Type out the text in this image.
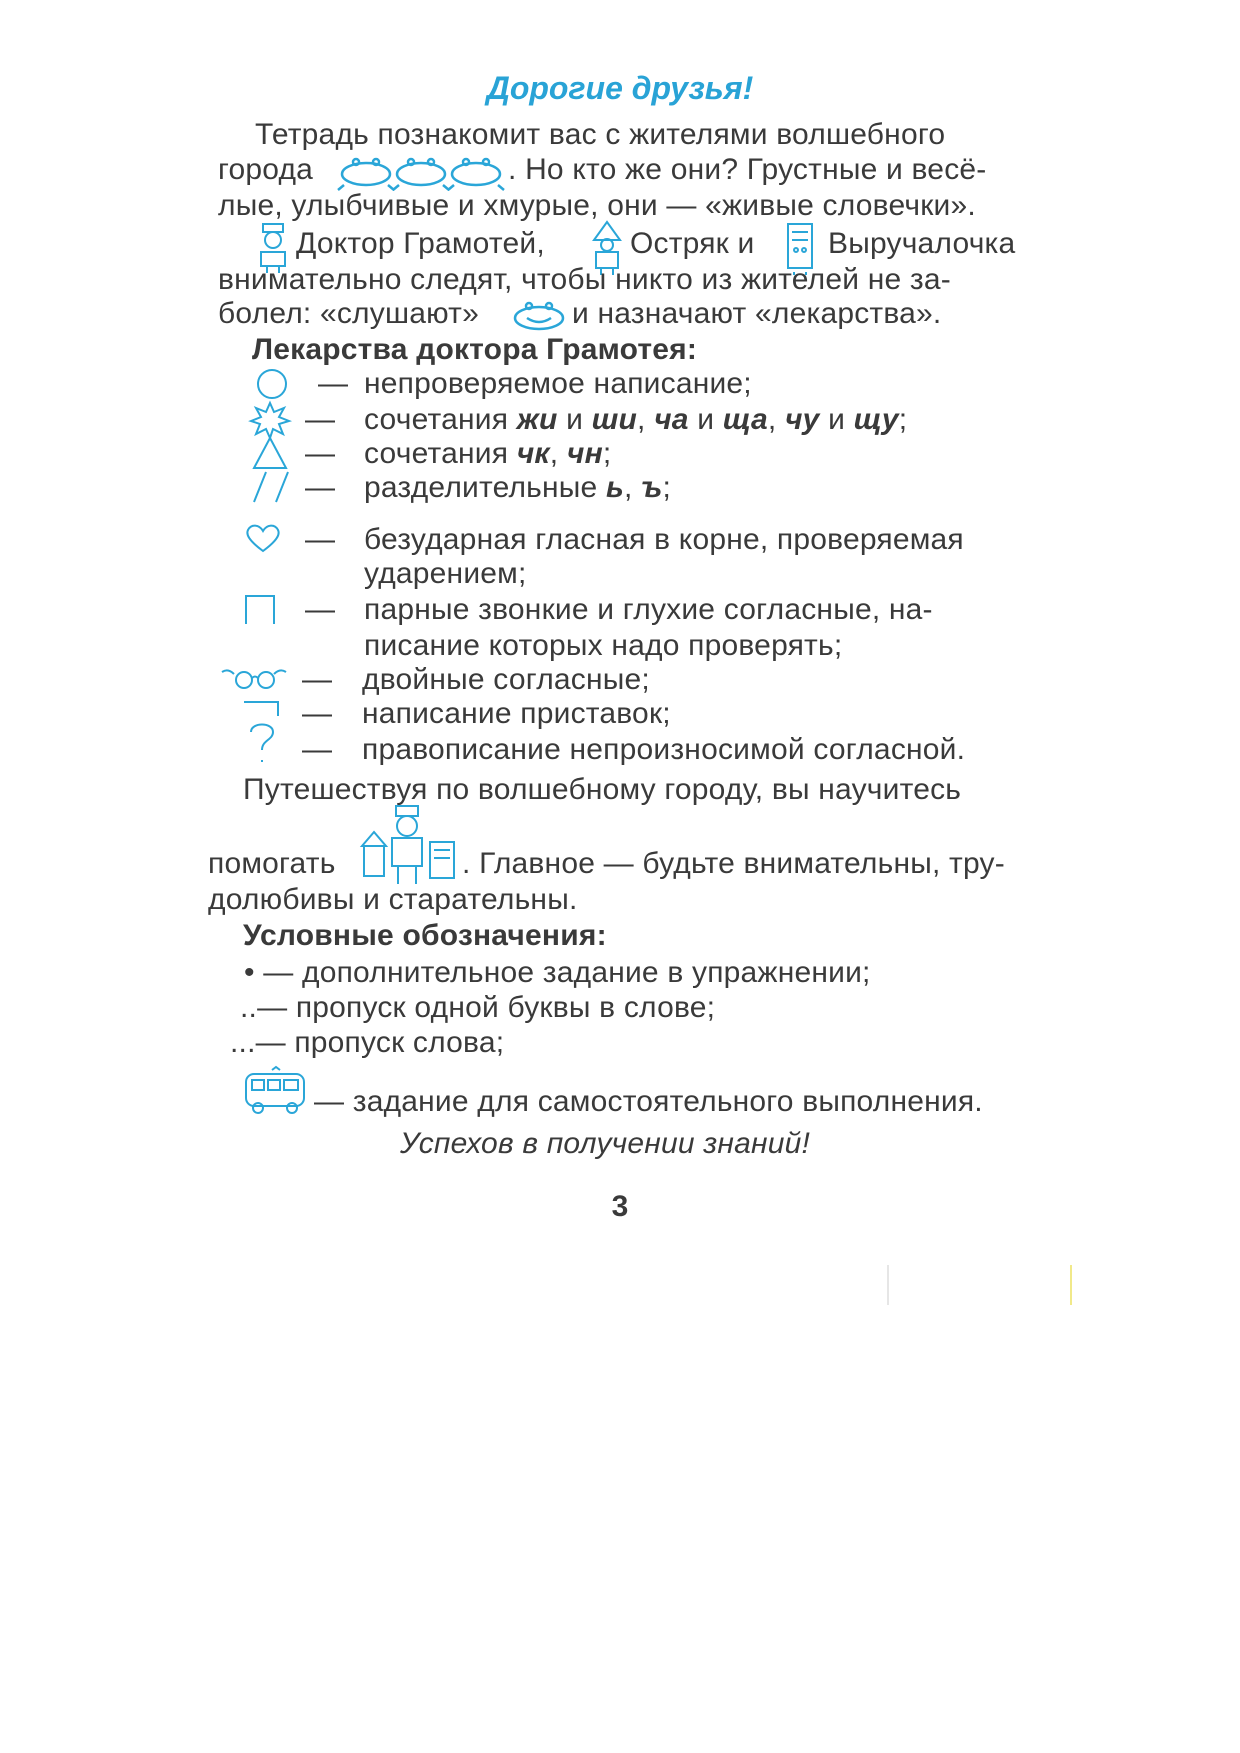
Дорогие друзья!
Тетрадь познакомит вас с жителями волшебного
города	. Но кто же они? Грустные и весё-
лые, улыбчивые и хмурые, они — «живые словечки».
Доктор Грамотей,	Остряк и Выручалочка
внимательно следят, чтобы никто из жителей не за-
болел: «слушают»	и назначают «лекарства».
Лекарства доктора Грамотея:
— непроверяемое написание;
— сочетания жи и ши, ча и ща, чу и щу;
— сочетания чк, чн;
— разделительные ь, ъ;
— безударная гласная в корне, проверяемая
ударением;
— парные звонкие и глухие согласные, на-
писание которых надо проверять;
— двойные согласные;
— написание приставок;
— правописание непроизносимой согласной.
Путешествуя по волшебному городу, вы научитесь
помогать	. Главное — будьте внимательны, тру-
долюбивы и старательны.
Условные обозначения:
• — дополнительное задание в упражнении;
..— пропуск одной буквы в слове;
...— пропуск слова;
— задание для самостоятельного выполнения.
Успехов в получении знаний!
3
